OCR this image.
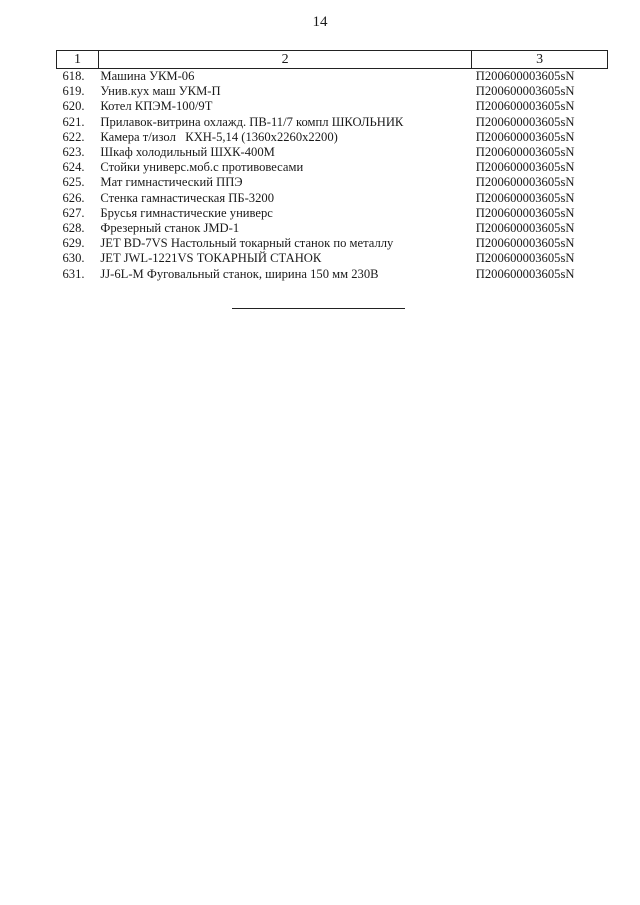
14
1	2	3
618.	Машина УКМ-06	П200600003605sN
619.	Унив.кух маш УКМ-П	П200600003605sN
620.	Котел КПЭМ-100/9Т	П200600003605sN
621.	Прилавок-витрина охлажд. ПВ-11/7 компл ШКОЛЬНИК	П200600003605sN
622.	Камера т/изол   КХН-5,14 (1360х2260х2200)	П200600003605sN
623.	Шкаф холодильный ШХК-400М	П200600003605sN
624.	Стойки универс.моб.с противовесами	П200600003605sN
625.	Мат гимнастический ППЭ	П200600003605sN
626.	Стенка гамнастическая ПБ-3200	П200600003605sN
627.	Брусья гимнастические универс	П200600003605sN
628.	Фрезерный станок JMD-1	П200600003605sN
629.	JET BD-7VS Настольный токарный станок по металлу	П200600003605sN
630.	JET JWL-1221VS ТОКАРНЫЙ СТАНОК	П200600003605sN
631.	JJ-6L-M Фуговальный станок, ширина 150 мм 230В	П200600003605sN
